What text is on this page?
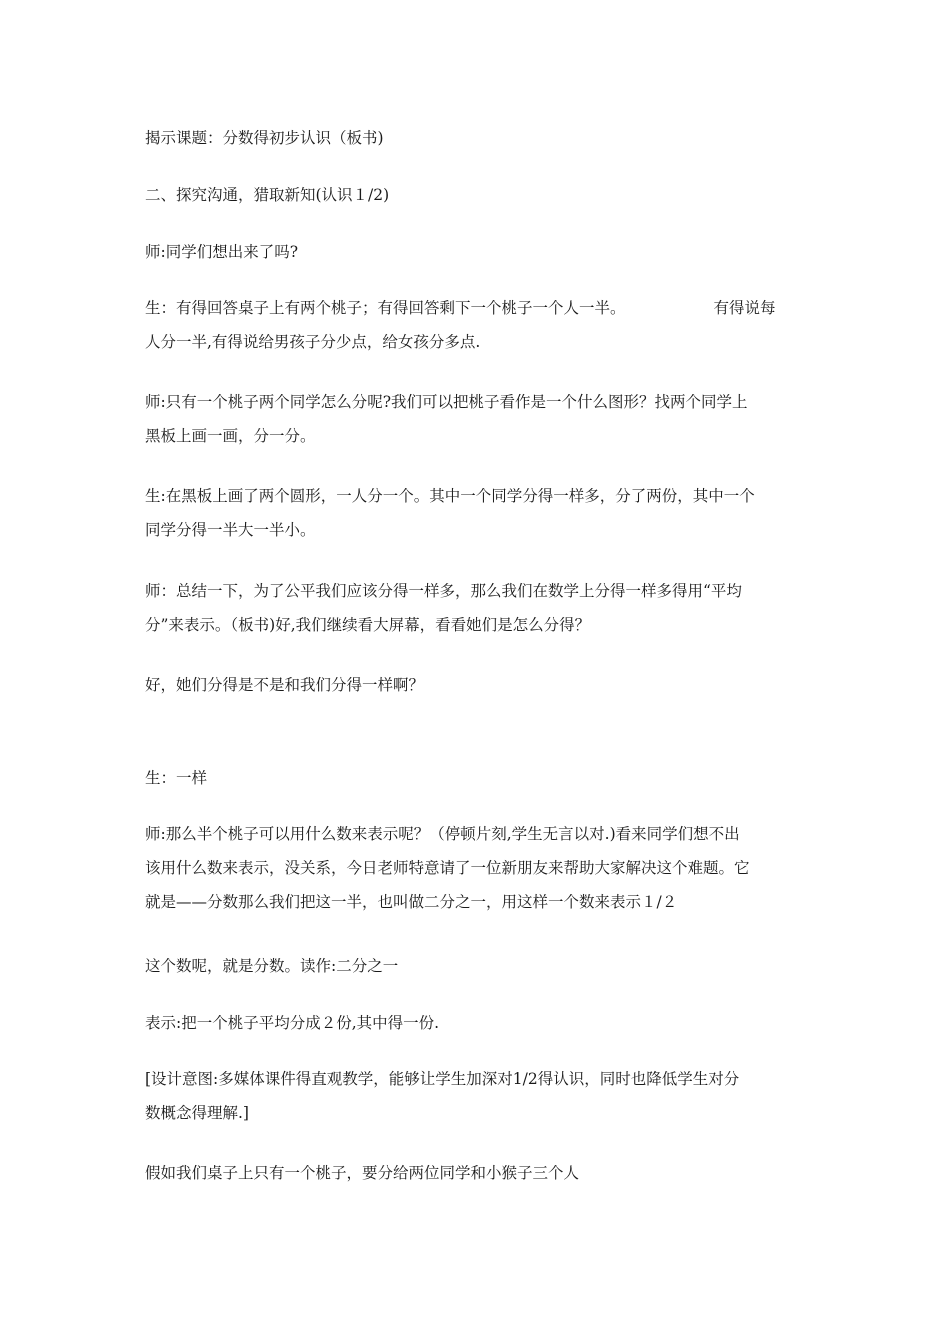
揭示课题：分数得初步认识（板书)

二、探究沟通，猎取新知(认识１/2)

师:同学们想出来了吗?

生：有得回答桌子上有两个桃子；有得回答剩下一个桃子一个人一半。	有得说每
人分一半,有得说给男孩子分少点，给女孩分多点.

师:只有一个桃子两个同学怎么分呢?我们可以把桃子看作是一个什么图形？找两个同学上
黑板上画一画，分一分。

生:在黑板上画了两个圆形，一人分一个。其中一个同学分得一样多，分了两份，其中一个
同学分得一半大一半小。

师：总结一下，为了公平我们应该分得一样多，那么我们在数学上分得一样多得用“平均
分”来表示。（板书)好,我们继续看大屏幕，看看她们是怎么分得？

好，她们分得是不是和我们分得一样啊？

生：一样

师:那么半个桃子可以用什么数来表示呢？（停顿片刻,学生无言以对.)看来同学们想不出
该用什么数来表示，没关系，今日老师特意请了一位新朋友来帮助大家解决这个难题。它
就是——分数那么我们把这一半，也叫做二分之一，用这样一个数来表示１/２

这个数呢，就是分数。读作:二分之一

表示:把一个桃子平均分成２份,其中得一份.

[设计意图:多媒体课件得直观教学，能够让学生加深对1/2得认识，同时也降低学生对分
数概念得理解.]

假如我们桌子上只有一个桃子，要分给两位同学和小猴子三个人
